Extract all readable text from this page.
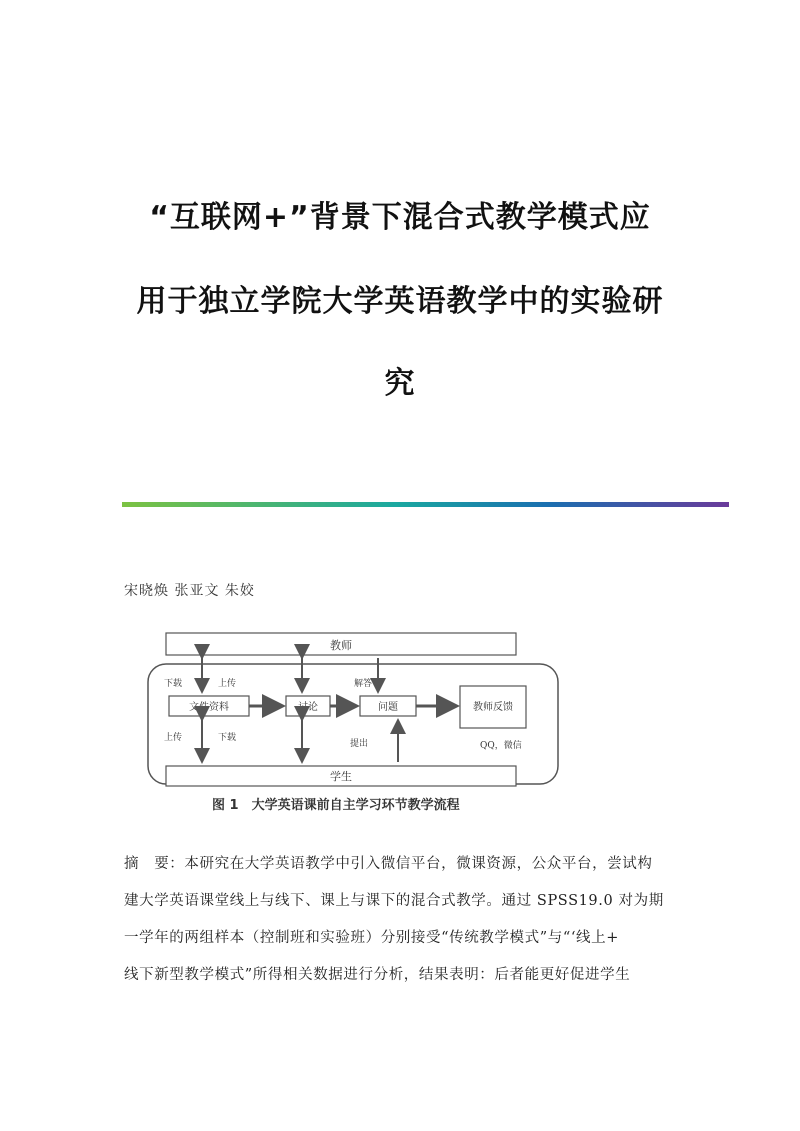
“互联网+”背景下混合式教学模式应
用于独立学院大学英语教学中的实验研
究
宋晓焕 张亚文 朱姣
教师
学生
文件资料	讨论	问题	教师反馈
下载	上传
上传	下载
解答
提出	QQ，微信
图 1　大学英语课前自主学习环节教学流程
摘　要：本研究在大学英语教学中引入微信平台，微课资源，公众平台，尝试构
建大学英语课堂线上与线下、课上与课下的混合式教学。通过 SPSS19.0 对为期
一学年的两组样本（控制班和实验班）分别接受“传统教学模式”与“‘线上+
线下新型教学模式”所得相关数据进行分析，结果表明：后者能更好促进学生
